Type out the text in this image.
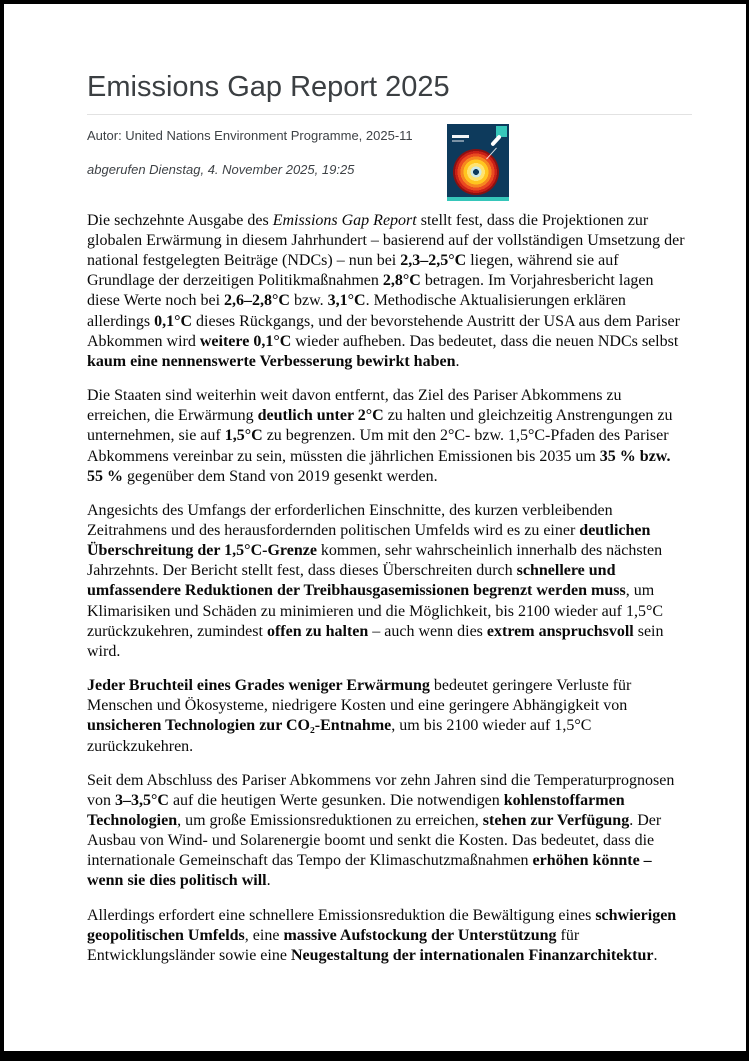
Emissions Gap Report 2025

Autor: United Nations Environment Programme, 2025-11

abgerufen Dienstag, 4. November 2025, 19:25

Die sechzehnte Ausgabe des Emissions Gap Report stellt fest, dass die Projektionen zur globalen Erwärmung in diesem Jahrhundert – basierend auf der vollständigen Umsetzung der national festgelegten Beiträge (NDCs) – nun bei 2,3–2,5°C liegen, während sie auf Grundlage der derzeitigen Politikmaßnahmen 2,8°C betragen. Im Vorjahresbericht lagen diese Werte noch bei 2,6–2,8°C bzw. 3,1°C. Methodische Aktualisierungen erklären allerdings 0,1°C dieses Rückgangs, und der bevorstehende Austritt der USA aus dem Pariser Abkommen wird weitere 0,1°C wieder aufheben. Das bedeutet, dass die neuen NDCs selbst kaum eine nennenswerte Verbesserung bewirkt haben.

Die Staaten sind weiterhin weit davon entfernt, das Ziel des Pariser Abkommens zu erreichen, die Erwärmung deutlich unter 2°C zu halten und gleichzeitig Anstrengungen zu unternehmen, sie auf 1,5°C zu begrenzen. Um mit den 2°C- bzw. 1,5°C-Pfaden des Pariser Abkommens vereinbar zu sein, müssten die jährlichen Emissionen bis 2035 um 35 % bzw. 55 % gegenüber dem Stand von 2019 gesenkt werden.

Angesichts des Umfangs der erforderlichen Einschnitte, des kurzen verbleibenden Zeitrahmens und des herausfordernden politischen Umfelds wird es zu einer deutlichen Überschreitung der 1,5°C-Grenze kommen, sehr wahrscheinlich innerhalb des nächsten Jahrzehnts. Der Bericht stellt fest, dass dieses Überschreiten durch schnellere und umfassendere Reduktionen der Treibhausgasemissionen begrenzt werden muss, um Klimarisiken und Schäden zu minimieren und die Möglichkeit, bis 2100 wieder auf 1,5°C zurückzukehren, zumindest offen zu halten – auch wenn dies extrem anspruchsvoll sein wird.

Jeder Bruchteil eines Grades weniger Erwärmung bedeutet geringere Verluste für Menschen und Ökosysteme, niedrigere Kosten und eine geringere Abhängigkeit von unsicheren Technologien zur CO₂-Entnahme, um bis 2100 wieder auf 1,5°C zurückzukehren.

Seit dem Abschluss des Pariser Abkommens vor zehn Jahren sind die Temperaturprognosen von 3–3,5°C auf die heutigen Werte gesunken. Die notwendigen kohlenstoffarmen Technologien, um große Emissionsreduktionen zu erreichen, stehen zur Verfügung. Der Ausbau von Wind- und Solarenergie boomt und senkt die Kosten. Das bedeutet, dass die internationale Gemeinschaft das Tempo der Klimaschutzmaßnahmen erhöhen könnte – wenn sie dies politisch will.

Allerdings erfordert eine schnellere Emissionsreduktion die Bewältigung eines schwierigen geopolitischen Umfelds, eine massive Aufstockung der Unterstützung für Entwicklungsländer sowie eine Neugestaltung der internationalen Finanzarchitektur.
